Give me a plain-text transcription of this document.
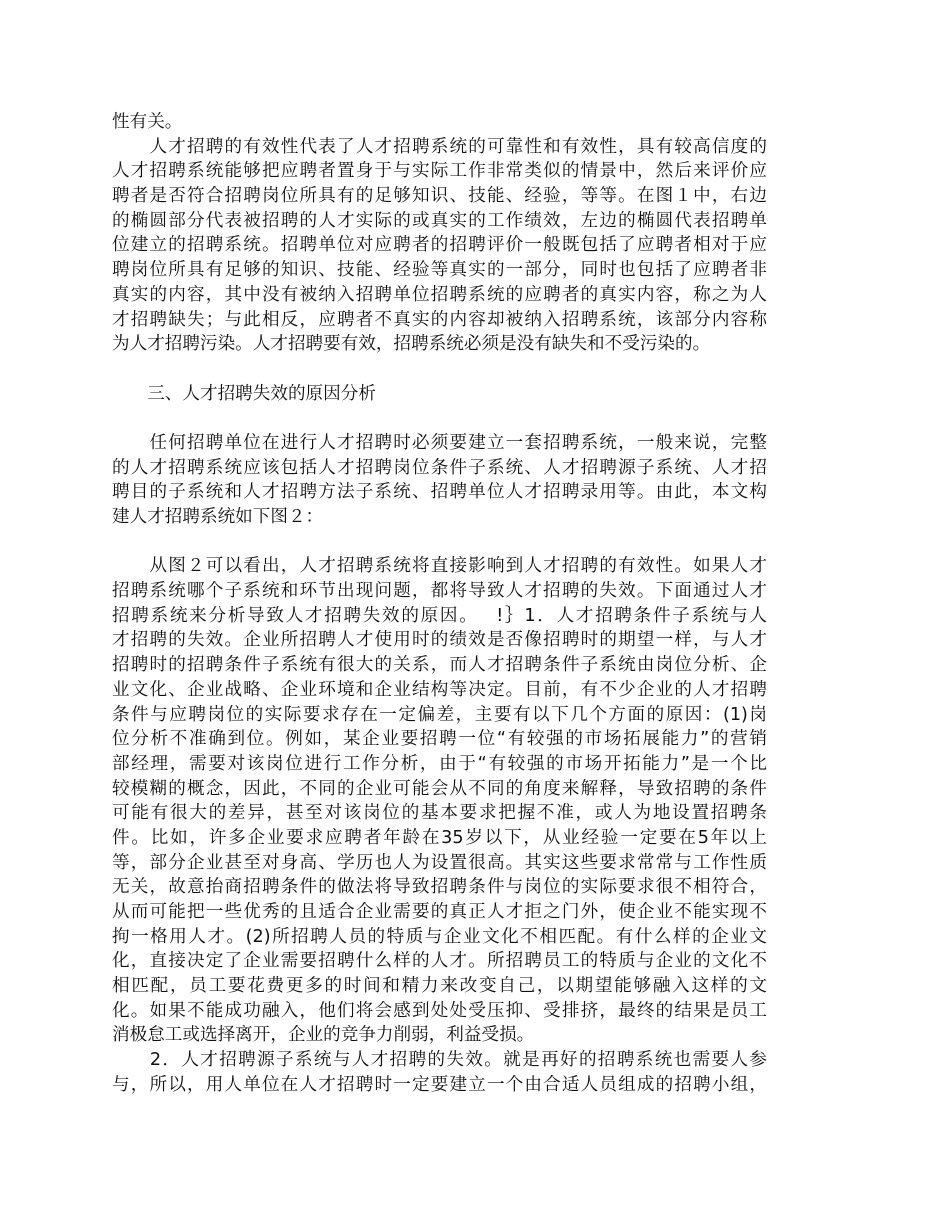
性有关。
　　人才招聘的有效性代表了人才招聘系统的可靠性和有效性，具有较高信度的
人才招聘系统能够把应聘者置身于与实际工作非常类似的情景中，然后来评价应
聘者是否符合招聘岗位所具有的足够知识、技能、经验，等等。在图１中，右边
的椭圆部分代表被招聘的人才实际的或真实的工作绩效，左边的椭圆代表招聘单
位建立的招聘系统。招聘单位对应聘者的招聘评价一般既包括了应聘者相对于应
聘岗位所具有足够的知识、技能、经验等真实的一部分，同时也包括了应聘者非
真实的内容，其中没有被纳入招聘单位招聘系统的应聘者的真实内容，称之为人
才招聘缺失；与此相反，应聘者不真实的内容却被纳入招聘系统，该部分内容称
为人才招聘污染。人才招聘要有效，招聘系统必须是没有缺失和不受污染的。
　　三、人才招聘失效的原因分析
　　任何招聘单位在进行人才招聘时必须要建立一套招聘系统，一般来说，完整
的人才招聘系统应该包括人才招聘岗位条件子系统、人才招聘源子系统、人才招
聘目的子系统和人才招聘方法子系统、招聘单位人才招聘录用等。由此，本文构
建人才招聘系统如下图２：
　　从图２可以看出，人才招聘系统将直接影响到人才招聘的有效性。如果人才
招聘系统哪个子系统和环节出现问题，都将导致人才招聘的失效。下面通过人才
招聘系统来分析导致人才招聘失效的原因。　 !｝1．人才招聘条件子系统与人
才招聘的失效。企业所招聘人才使用时的绩效是否像招聘时的期望一样，与人才
招聘时的招聘条件子系统有很大的关系，而人才招聘条件子系统由岗位分析、企
业文化、企业战略、企业环境和企业结构等决定。目前，有不少企业的人才招聘
条件与应聘岗位的实际要求存在一定偏差，主要有以下几个方面的原因：(1)岗
位分析不准确到位。例如，某企业要招聘一位“有较强的市场拓展能力”的营销
部经理，需要对该岗位进行工作分析，由于“有较强的市场开拓能力”是一个比
较模糊的概念，因此，不同的企业可能会从不同的角度来解释，导致招聘的条件
可能有很大的差异，甚至对该岗位的基本要求把握不准，或人为地设置招聘条
件。比如，许多企业要求应聘者年龄在35岁以下，从业经验一定要在5年以上
等，部分企业甚至对身高、学历也人为设置很高。其实这些要求常常与工作性质
无关，故意抬商招聘条件的做法将导致招聘条件与岗位的实际要求很不相符合，
从而可能把一些优秀的且适合企业需要的真正人才拒之门外，使企业不能实现不
拘一格用人才。(2)所招聘人员的特质与企业文化不相匹配。有什么样的企业文
化，直接决定了企业需要招聘什么样的人才。所招聘员工的特质与企业的文化不
相匹配，员工要花费更多的时间和精力来改变自己，以期望能够融入这样的文
化。如果不能成功融入，他们将会感到处处受压抑、受排挤，最终的结果是员工
消极怠工或选择离开，企业的竞争力削弱，利益受损。
　　2．人才招聘源子系统与人才招聘的失效。就是再好的招聘系统也需要人参
与，所以，用人单位在人才招聘时一定要建立一个由合适人员组成的招聘小组，
